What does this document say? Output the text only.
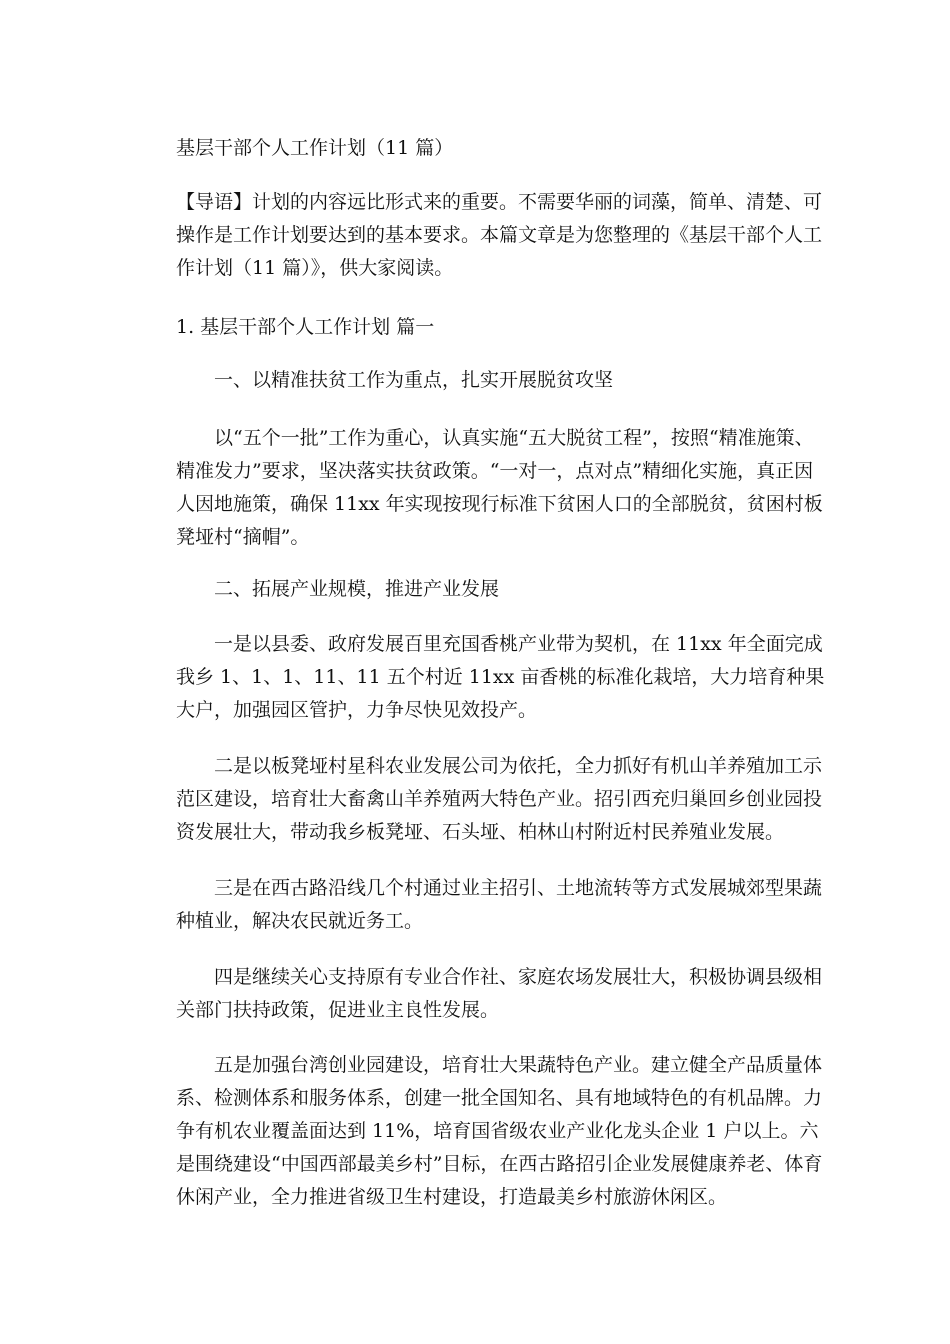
基层干部个人工作计划（11 篇）

【导语】计划的内容远比形式来的重要。不需要华丽的词藻，简单、清楚、可操作是工作计划要达到的基本要求。本篇文章是为您整理的《基层干部个人工作计划（11 篇）》，供大家阅读。

1. 基层干部个人工作计划 篇一
一、以精准扶贫工作为重点，扎实开展脱贫攻坚

以“五个一批”工作为重心，认真实施“五大脱贫工程”，按照“精准施策、精准发力”要求，坚决落实扶贫政策。“一对一，点对点”精细化实施，真正因人因地施策，确保 11xx 年实现按现行标准下贫困人口的全部脱贫，贫困村板凳垭村“摘帽”。

二、拓展产业规模，推进产业发展

一是以县委、政府发展百里充国香桃产业带为契机，在 11xx 年全面完成我乡 1、1、1、11、11 五个村近 11xx 亩香桃的标准化栽培，大力培育种果大户，加强园区管护，力争尽快见效投产。

二是以板凳垭村星科农业发展公司为依托，全力抓好有机山羊养殖加工示范区建设，培育壮大畜禽山羊养殖两大特色产业。招引西充归巢回乡创业园投资发展壮大，带动我乡板凳垭、石头垭、柏林山村附近村民养殖业发展。

三是在西古路沿线几个村通过业主招引、土地流转等方式发展城郊型果蔬种植业，解决农民就近务工。

四是继续关心支持原有专业合作社、家庭农场发展壮大，积极协调县级相关部门扶持政策，促进业主良性发展。

五是加强台湾创业园建设，培育壮大果蔬特色产业。建立健全产品质量体系、检测体系和服务体系，创建一批全国知名、具有地域特色的有机品牌。力争有机农业覆盖面达到 11%，培育国省级农业产业化龙头企业 1 户以上。六是围绕建设“中国西部最美乡村”目标，在西古路招引企业发展健康养老、体育休闲产业，全力推进省级卫生村建设，打造最美乡村旅游休闲区。
